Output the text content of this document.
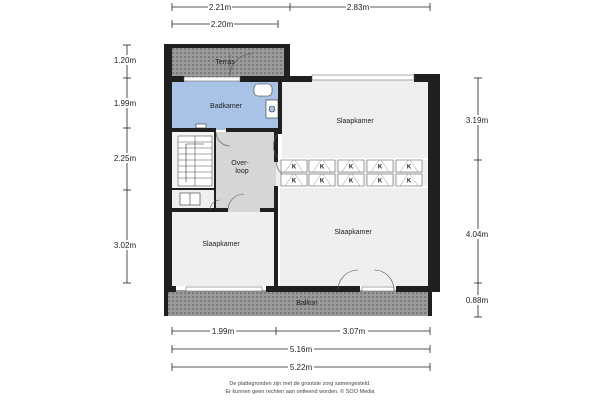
2.21m	2.83m
2.20m
1.20m
1.99m
2.25m
3.02m
3.19m
4.04m
0.88m
1.99m	3.07m
5.16m
5.22m
K	K	K	K	K
K	K	K	K	K
Terras
Badkamer
Slaapkamer
Over-
loop
Slaapkamer
Slaapkamer
Balkon
De plattegronden zijn met de grootste zorg samengesteld.
Er kunnen geen rechten aan ontleend worden. © SOO Media
